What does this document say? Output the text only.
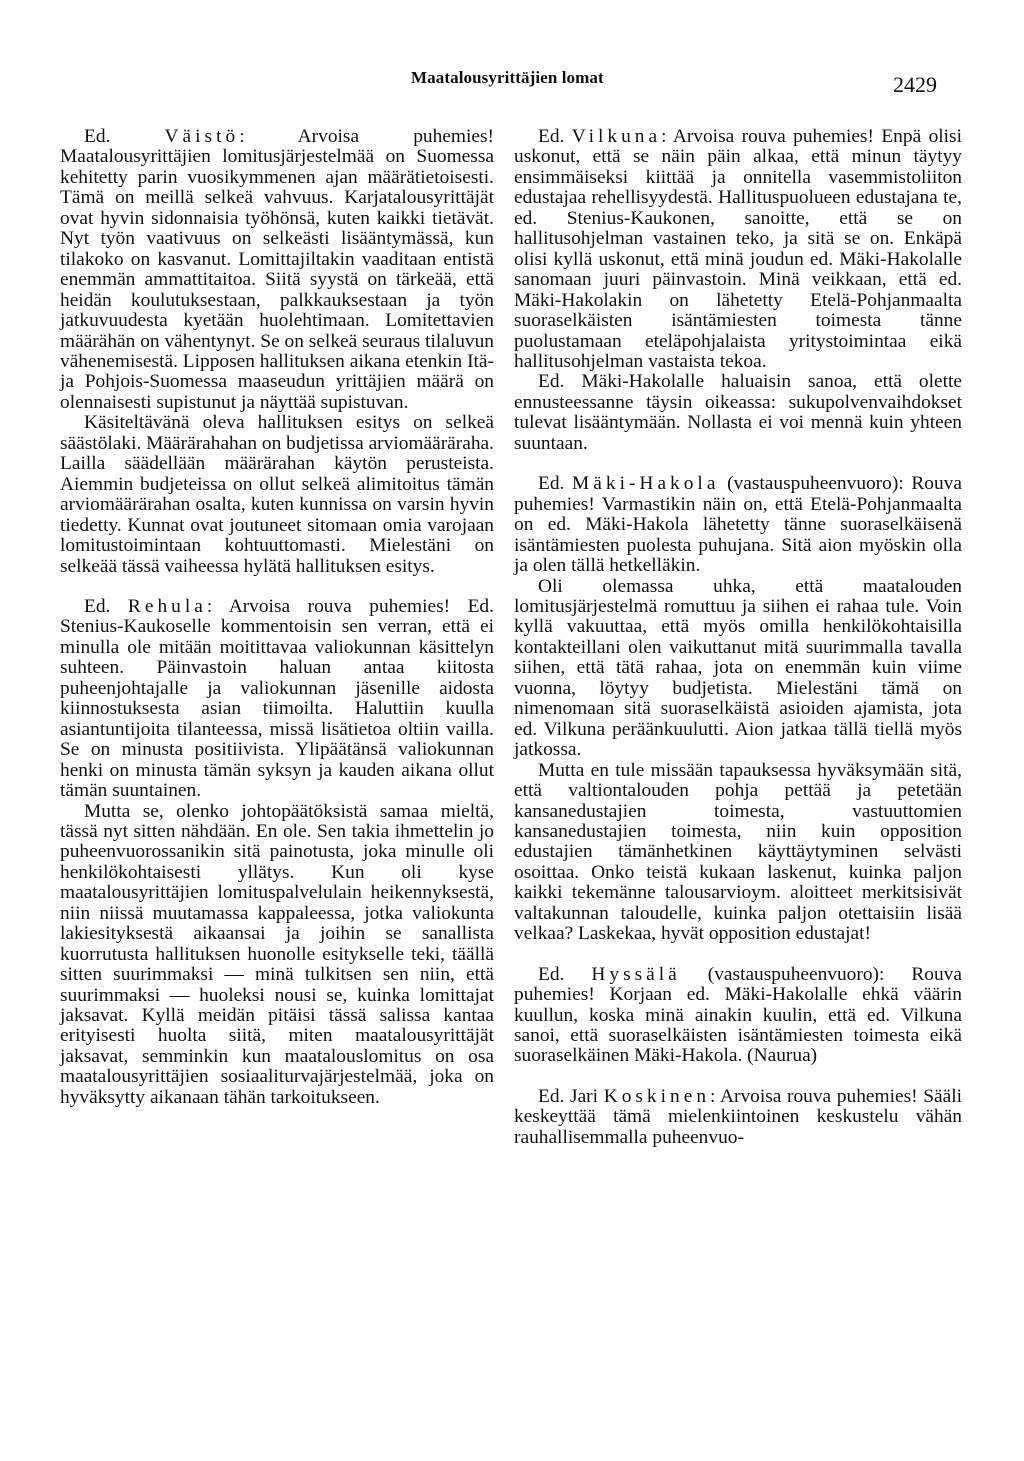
Maatalousyrittäjien lomat	2429

Ed. Väistö: Arvoisa puhemies! Maatalousyrittäjien lomitusjärjestelmää on Suomessa kehitetty parin vuosikymmenen ajan määrätietoisesti. Tämä on meillä selkeä vahvuus. Karjatalousyrittäjät ovat hyvin sidonnaisia työhönsä, kuten kaikki tietävät. Nyt työn vaativuus on selkeästi lisääntymässä, kun tilakoko on kasvanut. Lomittajiltakin vaaditaan entistä enemmän ammattitaitoa. Siitä syystä on tärkeää, että heidän koulutuksestaan, palkkauksestaan ja työn jatkuvuudesta kyetään huolehtimaan. Lomitettavien määrähän on vähentynyt. Se on selkeä seuraus tilaluvun vähenemisestä. Lipposen hallituksen aikana etenkin Itä- ja Pohjois-Suomessa maaseudun yrittäjien määrä on olennaisesti supistunut ja näyttää supistuvan.

Käsiteltävänä oleva hallituksen esitys on selkeä säästölaki. Määrärahahan on budjetissa arviomääräraha. Lailla säädellään määrärahan käytön perusteista. Aiemmin budjeteissa on ollut selkeä alimitoitus tämän arviomäärärahan osalta, kuten kunnissa on varsin hyvin tiedetty. Kunnat ovat joutuneet sitomaan omia varojaan lomitustoimintaan kohtuuttomasti. Mielestäni on selkeää tässä vaiheessa hylätä hallituksen esitys.

Ed. Rehula: Arvoisa rouva puhemies! Ed. Stenius-Kaukoselle kommentoisin sen verran, että ei minulla ole mitään moitittavaa valiokunnan käsittelyn suhteen. Päinvastoin haluan antaa kiitosta puheenjohtajalle ja valiokunnan jäsenille aidosta kiinnostuksesta asian tiimoilta. Haluttiin kuulla asiantuntijoita tilanteessa, missä lisätietoa oltiin vailla. Se on minusta positiivista. Ylipäätänsä valiokunnan henki on minusta tämän syksyn ja kauden aikana ollut tämän suuntainen.

Mutta se, olenko johtopäätöksistä samaa mieltä, tässä nyt sitten nähdään. En ole. Sen takia ihmettelin jo puheenvuorossanikin sitä painotusta, joka minulle oli henkilökohtaisesti yllätys. Kun oli kyse maatalousyrittäjien lomituspalvelulain heikennyksestä, niin niissä muutamassa kappaleessa, jotka valiokunta lakiesityksestä aikaansai ja joihin se sanallista kuorrutusta hallituksen huonolle esitykselle teki, täällä sitten suurimmaksi — minä tulkitsen sen niin, että suurimmaksi — huoleksi nousi se, kuinka lomittajat jaksavat. Kyllä meidän pitäisi tässä salissa kantaa erityisesti huolta siitä, miten maatalousyrittäjät jaksavat, semminkin kun maatalouslomitus on osa maatalousyrittäjien sosiaaliturvajärjestelmää, joka on hyväksytty aikanaan tähän tarkoitukseen.

Ed. Vilkuna: Arvoisa rouva puhemies! Enpä olisi uskonut, että se näin päin alkaa, että minun täytyy ensimmäiseksi kiittää ja onnitella vasemmistoliiton edustajaa rehellisyydestä. Hallituspuolueen edustajana te, ed. Stenius-Kaukonen, sanoitte, että se on hallitusohjelman vastainen teko, ja sitä se on. Enkäpä olisi kyllä uskonut, että minä joudun ed. Mäki-Hakolalle sanomaan juuri päinvastoin. Minä veikkaan, että ed. Mäki-Hakolakin on lähetetty Etelä-Pohjanmaalta suoraselkäisten isäntämiesten toimesta tänne puolustamaan eteläpohjalaista yritystoimintaa eikä hallitusohjelman vastaista tekoa.

Ed. Mäki-Hakolalle haluaisin sanoa, että olette ennusteessanne täysin oikeassa: sukupolvenvaihdokset tulevat lisääntymään. Nollasta ei voi mennä kuin yhteen suuntaan.

Ed. Mäki-Hakola (vastauspuheenvuoro): Rouva puhemies! Varmastikin näin on, että Etelä-Pohjanmaalta on ed. Mäki-Hakola lähetetty tänne suoraselkäisenä isäntämiesten puolesta puhujana. Sitä aion myöskin olla ja olen tällä hetkelläkin.

Oli olemassa uhka, että maatalouden lomitusjärjestelmä romuttuu ja siihen ei rahaa tule. Voin kyllä vakuuttaa, että myös omilla henkilökohtaisilla kontakteillani olen vaikuttanut mitä suurimmalla tavalla siihen, että tätä rahaa, jota on enemmän kuin viime vuonna, löytyy budjetista. Mielestäni tämä on nimenomaan sitä suoraselkäistä asioiden ajamista, jota ed. Vilkuna peräänkuulutti. Aion jatkaa tällä tiellä myös jatkossa.

Mutta en tule missään tapauksessa hyväksymään sitä, että valtiontalouden pohja pettää ja petetään kansanedustajien toimesta, vastuuttomien kansanedustajien toimesta, niin kuin opposition edustajien tämänhetkinen käyttäytyminen selvästi osoittaa. Onko teistä kukaan laskenut, kuinka paljon kaikki tekemänne talousarvioym. aloitteet merkitsisivät valtakunnan taloudelle, kuinka paljon otettaisiin lisää velkaa? Laskekaa, hyvät opposition edustajat!

Ed. Hyssälä (vastauspuheenvuoro): Rouva puhemies! Korjaan ed. Mäki-Hakolalle ehkä väärin kuullun, koska minä ainakin kuulin, että ed. Vilkuna sanoi, että suoraselkäisten isäntämiesten toimesta eikä suoraselkäinen Mäki-Hakola. (Naurua)

Ed. Jari Koskinen: Arvoisa rouva puhemies! Sääli keskeyttää tämä mielenkiintoinen keskustelu vähän rauhallisemmalla puheenvuo-
